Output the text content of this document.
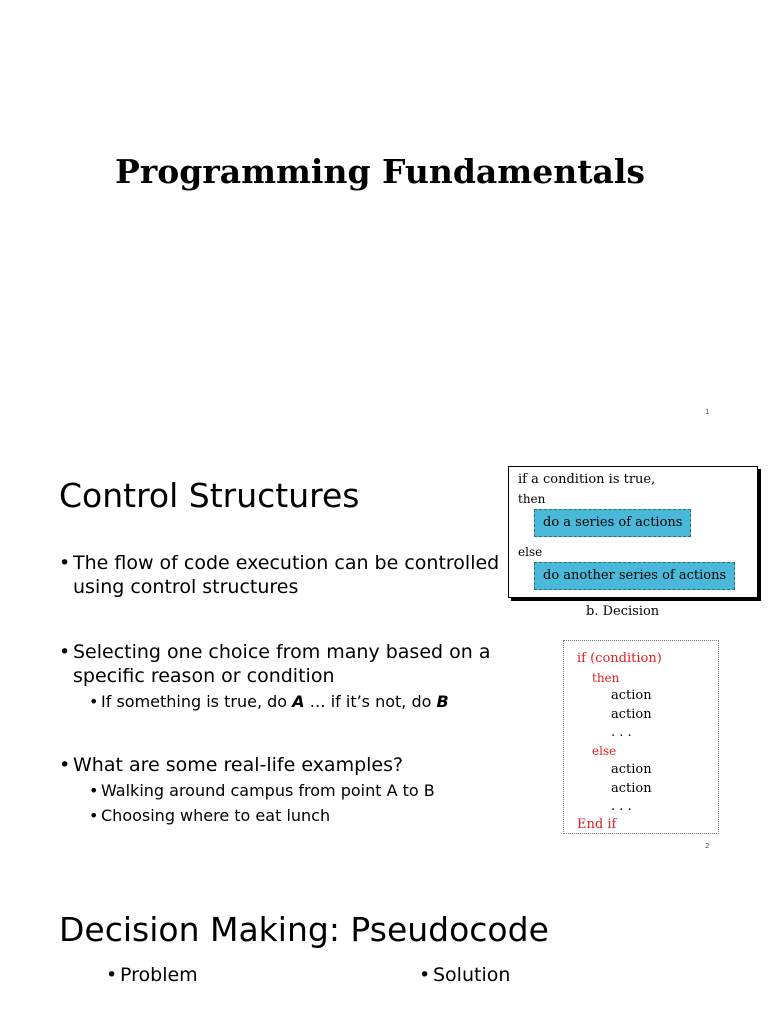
Programming Fundamentals
1
Control Structures
• The flow of code execution can be controlled
using control structures
• Selecting one choice from many based on a
specific reason or condition
• If something is true, do A … if it’s not, do B
• What are some real-life examples?
• Walking around campus from point A to B
• Choosing where to eat lunch
if a condition is true,
then
do a series of actions
else
do another series of actions
b. Decision
if (condition)
then
action
action
. . .
else
action
action
. . .
End if
2
Decision Making: Pseudocode
• Problem	• Solution
